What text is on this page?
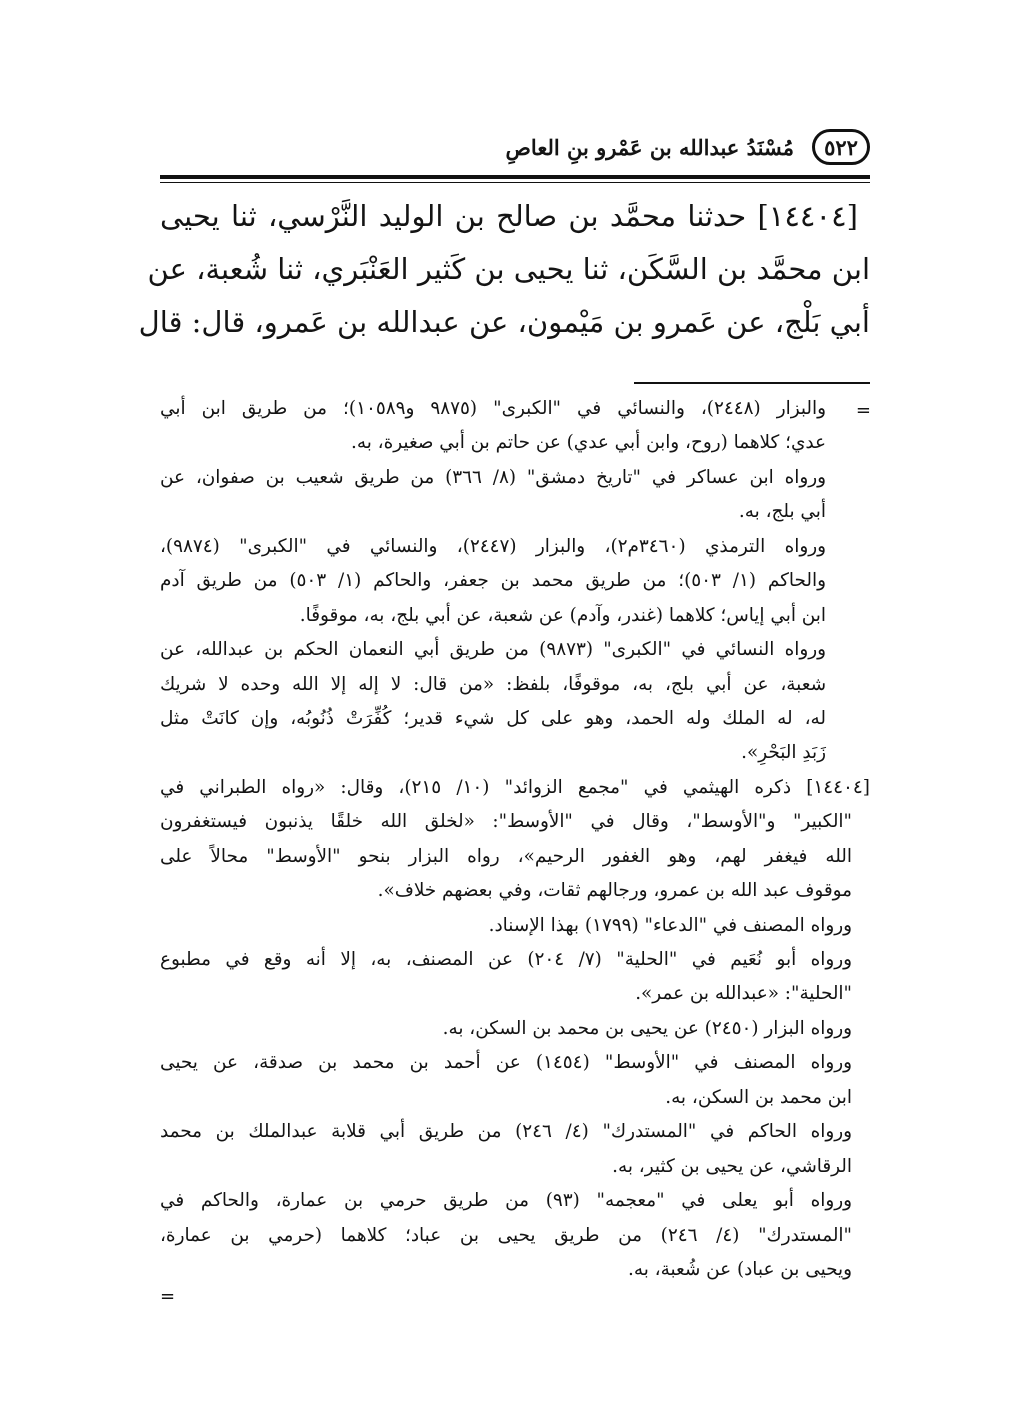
٥٢٢
مُسْنَدُ عبدالله بن عَمْرو بنِ العاصِ
[١٤٤٠٤] حدثنا محمَّد بن صالح بن الوليد النَّرْسي، ثنا يحيى
ابن محمَّد بن السَّكَن، ثنا يحيى بن كَثير العَنْبَري، ثنا شُعبة، عن
أبي بَلْج، عن عَمرو بن مَيْمون، عن عبدالله بن عَمرو، قال: قال
=
والبزار (٢٤٤٨)، والنسائي في "الكبرى" (٩٨٧٥ و١٠٥٨٩)؛ من طريق ابن أبي
عدي؛ كلاهما (روح، وابن أبي عدي) عن حاتم بن أبي صغيرة، به.
ورواه ابن عساكر في "تاريخ دمشق" (٨/ ٣٦٦) من طريق شعيب بن صفوان، عن
أبي بلج، به.
ورواه الترمذي (٣٤٦٠م٢)، والبزار (٢٤٤٧)، والنسائي في "الكبرى" (٩٨٧٤)،
والحاكم (١/ ٥٠٣)؛ من طريق محمد بن جعفر، والحاكم (١/ ٥٠٣) من طريق آدم
ابن أبي إياس؛ كلاهما (غندر، وآدم) عن شعبة، عن أبي بلج، به، موقوفًا.
ورواه النسائي في "الكبرى" (٩٨٧٣) من طريق أبي النعمان الحكم بن عبدالله، عن
شعبة، عن أبي بلج، به، موقوفًا، بلفظ: «من قال: لا إله إلا الله وحده لا شريك
له، له الملك وله الحمد، وهو على كل شيء قدير؛ كُفِّرَتْ ذُنُوبُه، وإن كانَتْ مثل
زَبَدِ البَحْرِ».
[١٤٤٠٤] ذكره الهيثمي في "مجمع الزوائد" (١٠/ ٢١٥)، وقال: «رواه الطبراني في
"الكبير" و"الأوسط"، وقال في "الأوسط": «لخلق الله خلقًا يذنبون فيستغفرون
الله فيغفر لهم، وهو الغفور الرحيم»، رواه البزار بنحو "الأوسط" محالاً على
موقوف عبد الله بن عمرو، ورجالهم ثقات، وفي بعضهم خلاف».
ورواه المصنف في "الدعاء" (١٧٩٩) بهذا الإسناد.
ورواه أبو نُعَيم في "الحلية" (٧/ ٢٠٤) عن المصنف، به، إلا أنه وقع في مطبوع
"الحلية": «عبدالله بن عمر».
ورواه البزار (٢٤٥٠) عن يحيى بن محمد بن السكن، به.
ورواه المصنف في "الأوسط" (١٤٥٤) عن أحمد بن محمد بن صدقة، عن يحيى
ابن محمد بن السكن، به.
ورواه الحاكم في "المستدرك" (٤/ ٢٤٦) من طريق أبي قلابة عبدالملك بن محمد
الرقاشي، عن يحيى بن كثير، به.
ورواه أبو يعلى في "معجمه" (٩٣) من طريق حرمي بن عمارة، والحاكم في
"المستدرك" (٤/ ٢٤٦) من طريق يحيى بن عباد؛ كلاهما (حرمي بن عمارة،
ويحيى بن عباد) عن شُعبة، به.
=
